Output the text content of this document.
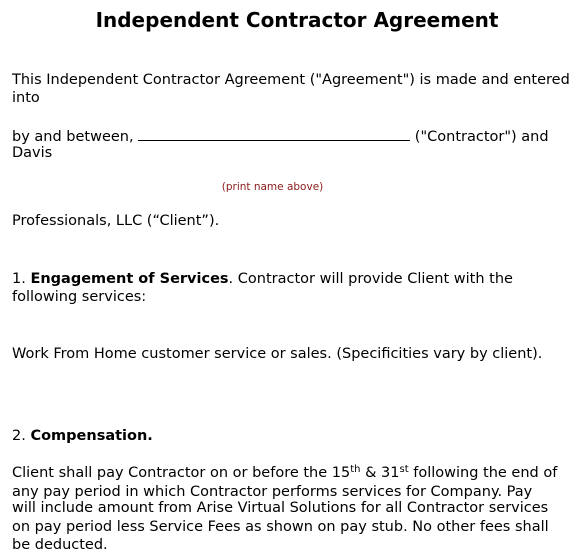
Independent Contractor Agreement
This Independent Contractor Agreement ("Agreement") is made and entered
into
by and between,	("Contractor") and
Davis
(print name above)
Professionals, LLC (“Client”).
1. Engagement of Services. Contractor will provide Client with the
following services:
Work From Home customer service or sales. (Specificities vary by client).
2. Compensation.
Client shall pay Contractor on or before the 15th & 31st following the end of
any pay period in which Contractor performs services for Company. Pay
will include amount from Arise Virtual Solutions for all Contractor services
on pay period less Service Fees as shown on pay stub. No other fees shall
be deducted.
